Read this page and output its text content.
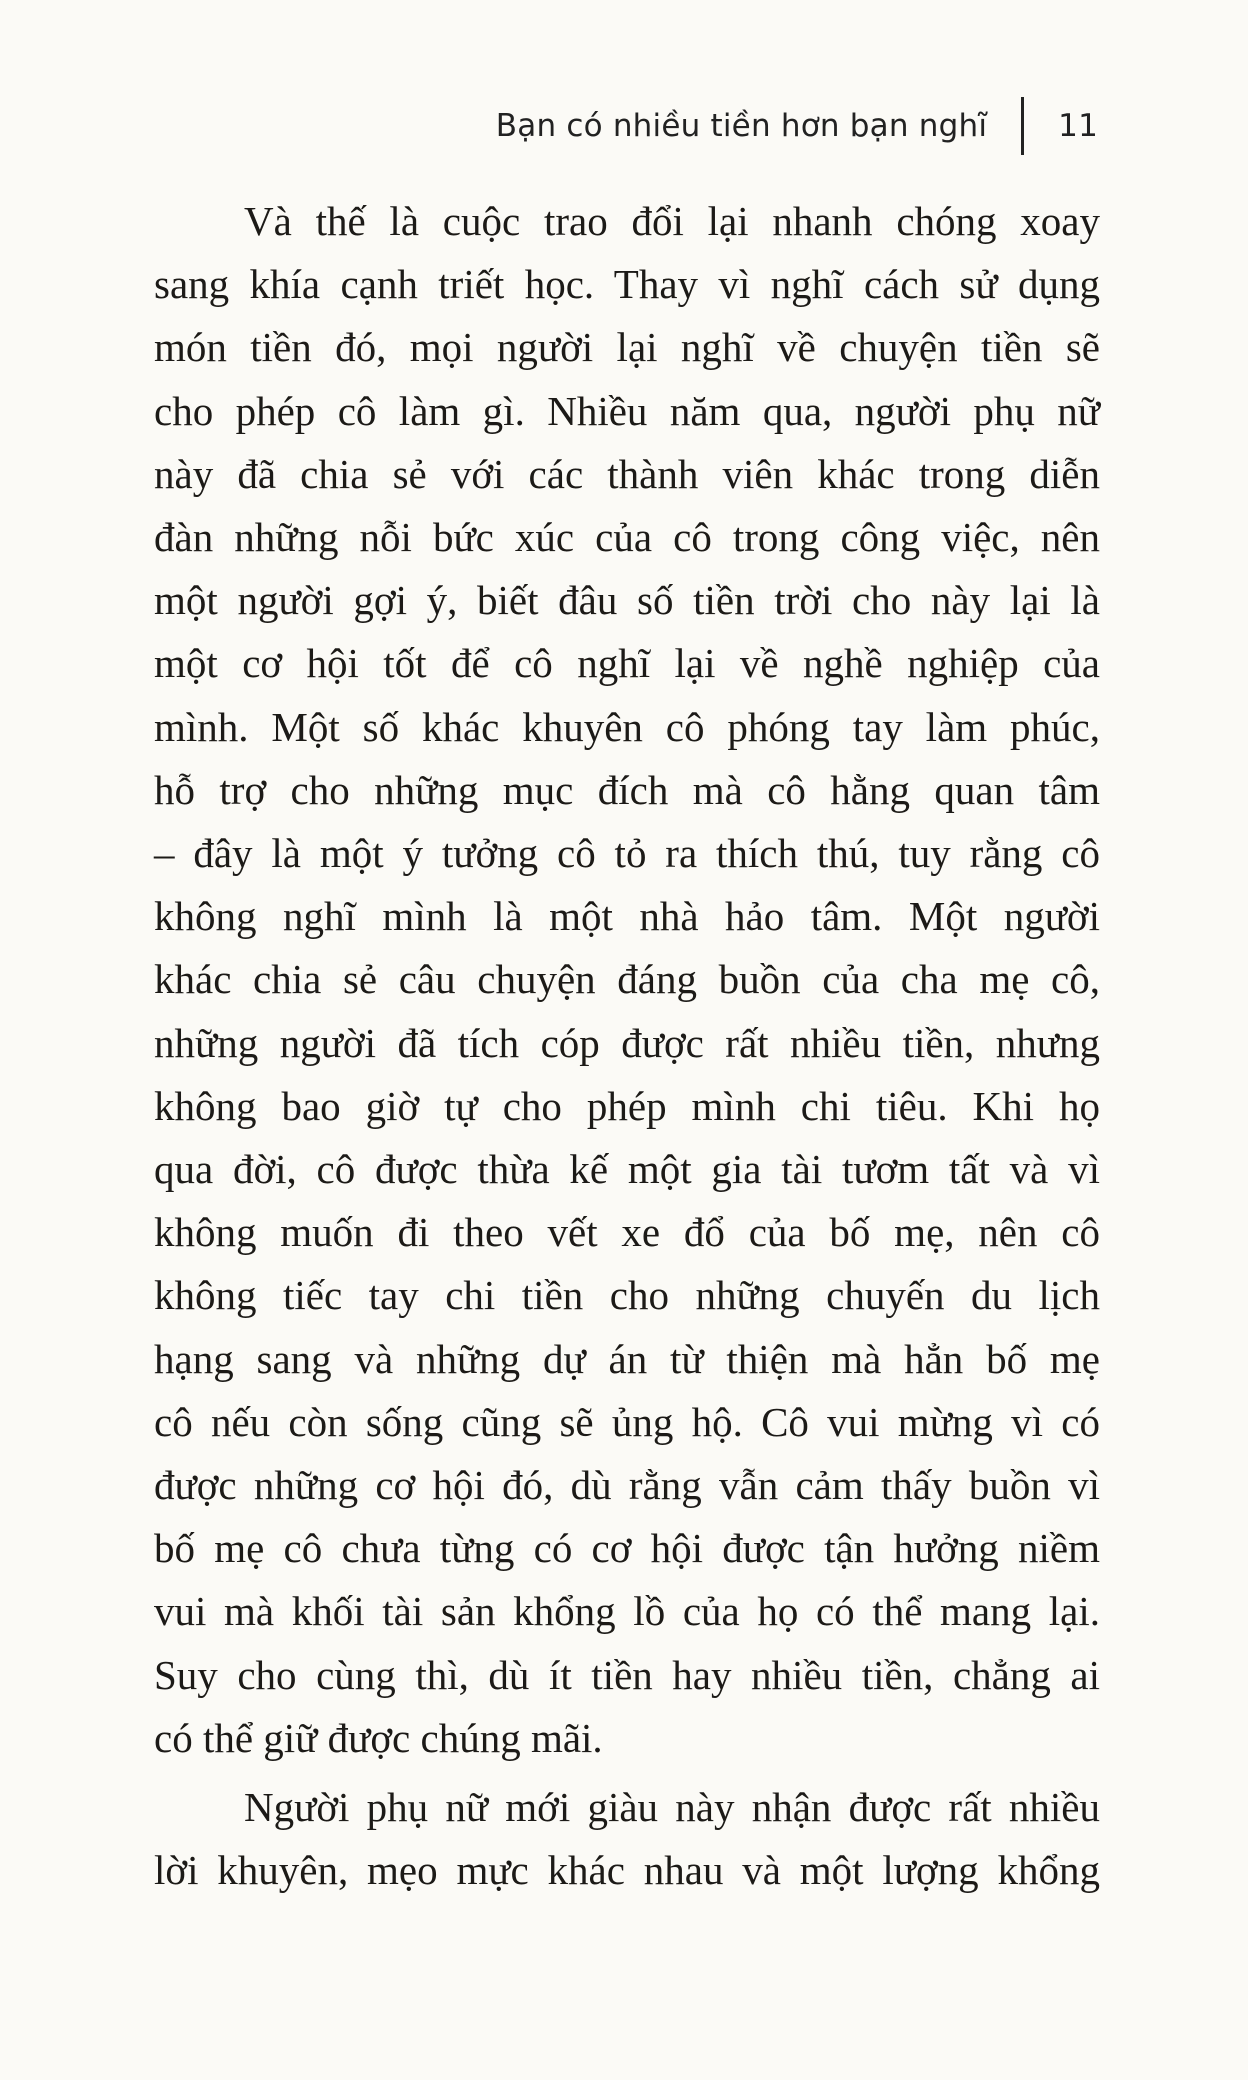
Bạn có nhiều tiền hơn bạn nghĩ 11
Và thế là cuộc trao đổi lại nhanh chóng xoay
sang khía cạnh triết học. Thay vì nghĩ cách sử dụng
món tiền đó, mọi người lại nghĩ về chuyện tiền sẽ
cho phép cô làm gì. Nhiều năm qua, người phụ nữ
này đã chia sẻ với các thành viên khác trong diễn
đàn những nỗi bức xúc của cô trong công việc, nên
một người gợi ý, biết đâu số tiền trời cho này lại là
một cơ hội tốt để cô nghĩ lại về nghề nghiệp của
mình. Một số khác khuyên cô phóng tay làm phúc,
hỗ trợ cho những mục đích mà cô hằng quan tâm
– đây là một ý tưởng cô tỏ ra thích thú, tuy rằng cô
không nghĩ mình là một nhà hảo tâm. Một người
khác chia sẻ câu chuyện đáng buồn của cha mẹ cô,
những người đã tích cóp được rất nhiều tiền, nhưng
không bao giờ tự cho phép mình chi tiêu. Khi họ
qua đời, cô được thừa kế một gia tài tươm tất và vì
không muốn đi theo vết xe đổ của bố mẹ, nên cô
không tiếc tay chi tiền cho những chuyến du lịch
hạng sang và những dự án từ thiện mà hẳn bố mẹ
cô nếu còn sống cũng sẽ ủng hộ. Cô vui mừng vì có
được những cơ hội đó, dù rằng vẫn cảm thấy buồn vì
bố mẹ cô chưa từng có cơ hội được tận hưởng niềm
vui mà khối tài sản khổng lồ của họ có thể mang lại.
Suy cho cùng thì, dù ít tiền hay nhiều tiền, chẳng ai
có thể giữ được chúng mãi.
Người phụ nữ mới giàu này nhận được rất nhiều
lời khuyên, mẹo mực khác nhau và một lượng khổng
